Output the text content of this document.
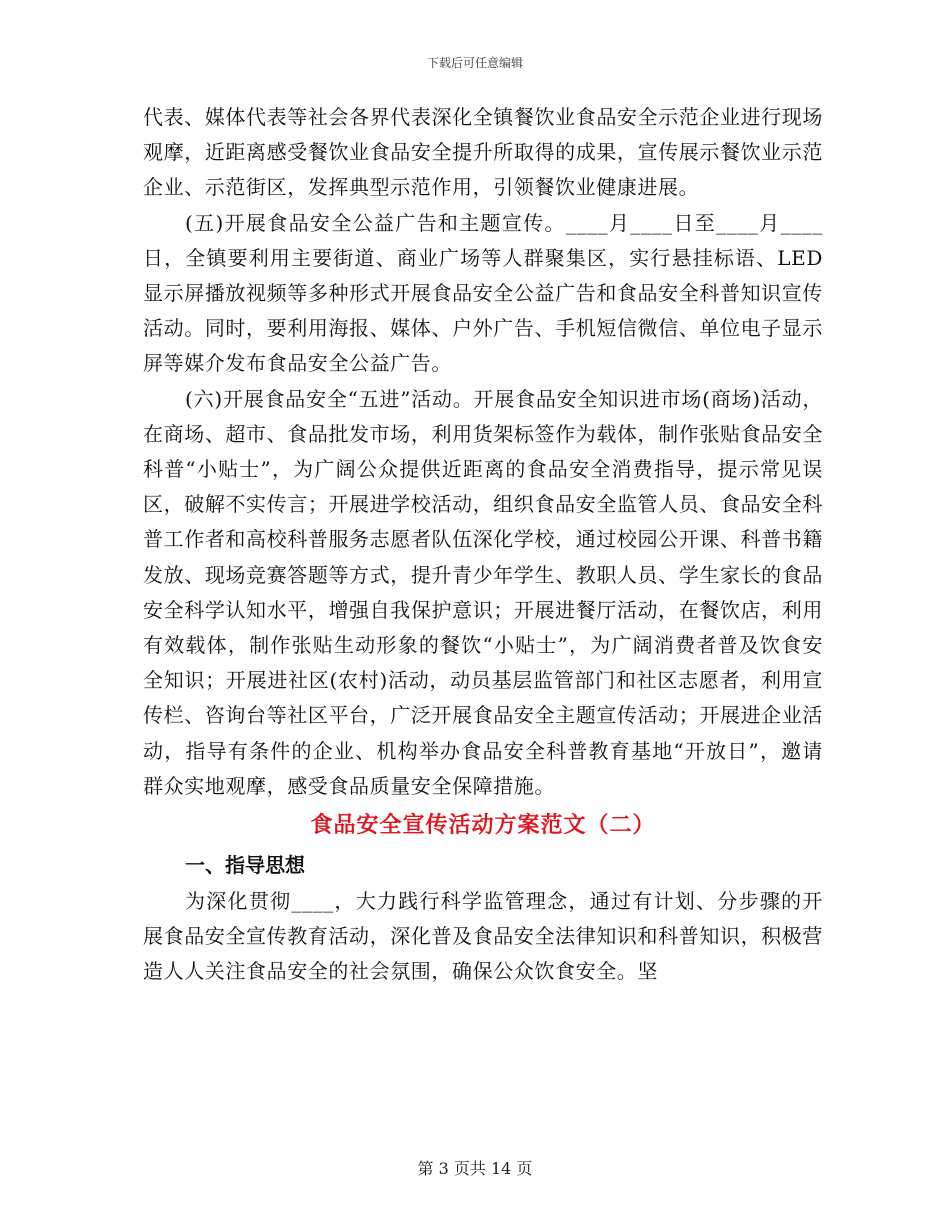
下载后可任意编辑

代表、媒体代表等社会各界代表深化全镇餐饮业食品安全示范企业进行现场观摩，近距离感受餐饮业食品安全提升所取得的成果，宣传展示餐饮业示范企业、示范街区，发挥典型示范作用，引领餐饮业健康进展。

(五)开展食品安全公益广告和主题宣传。____月____日至____月____日，全镇要利用主要街道、商业广场等人群聚集区，实行悬挂标语、LED显示屏播放视频等多种形式开展食品安全公益广告和食品安全科普知识宣传活动。同时，要利用海报、媒体、户外广告、手机短信微信、单位电子显示屏等媒介发布食品安全公益广告。

(六)开展食品安全“五进”活动。开展食品安全知识进市场(商场)活动，在商场、超市、食品批发市场，利用货架标签作为载体，制作张贴食品安全科普“小贴士”，为广阔公众提供近距离的食品安全消费指导，提示常见误区，破解不实传言；开展进学校活动，组织食品安全监管人员、食品安全科普工作者和高校科普服务志愿者队伍深化学校，通过校园公开课、科普书籍发放、现场竞赛答题等方式，提升青少年学生、教职人员、学生家长的食品安全科学认知水平，增强自我保护意识；开展进餐厅活动，在餐饮店，利用有效载体，制作张贴生动形象的餐饮“小贴士”，为广阔消费者普及饮食安全知识；开展进社区(农村)活动，动员基层监管部门和社区志愿者，利用宣传栏、咨询台等社区平台，广泛开展食品安全主题宣传活动；开展进企业活动，指导有条件的企业、机构举办食品安全科普教育基地“开放日”，邀请群众实地观摩，感受食品质量安全保障措施。

食品安全宣传活动方案范文（二）
一、指导思想

为深化贯彻____，大力践行科学监管理念，通过有计划、分步骤的开展食品安全宣传教育活动，深化普及食品安全法律知识和科普知识，积极营造人人关注食品安全的社会氛围，确保公众饮食安全。坚

第 3 页共 14 页
